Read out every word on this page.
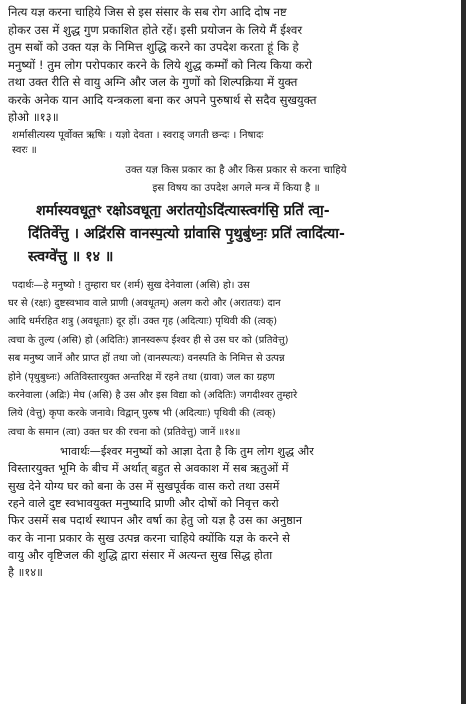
नित्य यज्ञ करना चाहिये जिस से इस संसार के सब रोग आदि दोष नष्ट
होकर उस में शुद्ध गुण प्रकाशित होते रहें। इसी प्रयोजन के लिये मैं ईश्वर
तुम सबों को उक्त यज्ञ के निमित्त शुद्धि करने का उपदेश करता हूं कि हे
मनुष्यों ! तुम लोग परोपकार करने के लिये शुद्ध कर्म्मों को नित्य किया करो
तथा उक्त रीति से वायु अग्नि और जल के गुणों को शिल्पक्रिया में युक्त
करके अनेक यान आदि यन्त्रकला बना कर अपने पुरुषार्थ से सदैव सुखयुक्त
होओ ॥१३॥
शर्मासीत्यस्य पूर्वोक्त ऋषिः । यज्ञो देवता । स्वराड् जगती छन्दः । निषादः
स्वरः ॥
उक्त यज्ञ किस प्रकार का है और किस प्रकार से करना चाहिये
इस विषय का उपदेश अगले मन्त्र में किया है ॥
शर्मास्यवधूत॒ꣳ रक्षोऽवधूता॒ अरा॑तयो॒ऽदि॑त्यास्त्वग॑सि॒ प्रति॑ त्वा॒-
दि॑तिर्वे॑त्तु । अद्रि॑रसि वानस्प॒त्यो ग्रा॑वासि पृ॒थुबु॑ध्नः॒ प्रति॑ त्वादि॑त्या-
स्त्वग्वे॑त्तु ॥ १४ ॥
पदार्थः—हे मनुष्यो ! तुम्हारा घर (शर्म) सुख देनेवाला (असि) हो। उस
घर से (रक्षः) दुष्टस्वभाव वाले प्राणी (अवधूतम्) अलग करो और (अरातयः) दान
आदि धर्मरहित शत्रु (अवधूताः) दूर हों। उक्त गृह (अदित्याः) पृथिवी की (त्वक्)
त्वचा के तुल्य (असि) हो (अदितिः) ज्ञानस्वरूप ईश्वर ही से उस घर को (प्रतिवेत्तु)
सब मनुष्य जानें और प्राप्त हों तथा जो (वानस्पत्यः) वनस्पति के निमित्त से उत्पन्न
होने (पृथुबुध्नः) अतिविस्तारयुक्त अन्तरिक्ष में रहने तथा (ग्रावा) जल का ग्रहण
करनेवाला (अद्रिः) मेघ (असि) है उस और इस विद्या को (अदितिः) जगदीश्वर तुम्हारे
लिये (वेत्तु) कृपा करके जनावे। विद्वान् पुरुष भी (अदित्याः) पृथिवी की (त्वक्)
त्वचा के समान (त्वा) उक्त घर की रचना को (प्रतिवेत्तु) जानें ॥१४॥
भावार्थः—ईश्वर मनुष्यों को आज्ञा देता है कि तुम लोग शुद्ध और
विस्तारयुक्त भूमि के बीच में अर्थात् बहुत से अवकाश में सब ऋतुओं में
सुख देने योग्य घर को बना के उस में सुखपूर्वक वास करो तथा उसमें
रहने वाले दुष्ट स्वभावयुक्त मनुष्यादि प्राणी और दोषों को निवृत्त करो
फिर उसमें सब पदार्थ स्थापन और वर्षा का हेतु जो यज्ञ है उस का अनुष्ठान
कर के नाना प्रकार के सुख उत्पन्न करना चाहिये क्योंकि यज्ञ के करने से
वायु और वृष्टिजल की शुद्धि द्वारा संसार में अत्यन्त सुख सिद्ध होता
है ॥१४॥
